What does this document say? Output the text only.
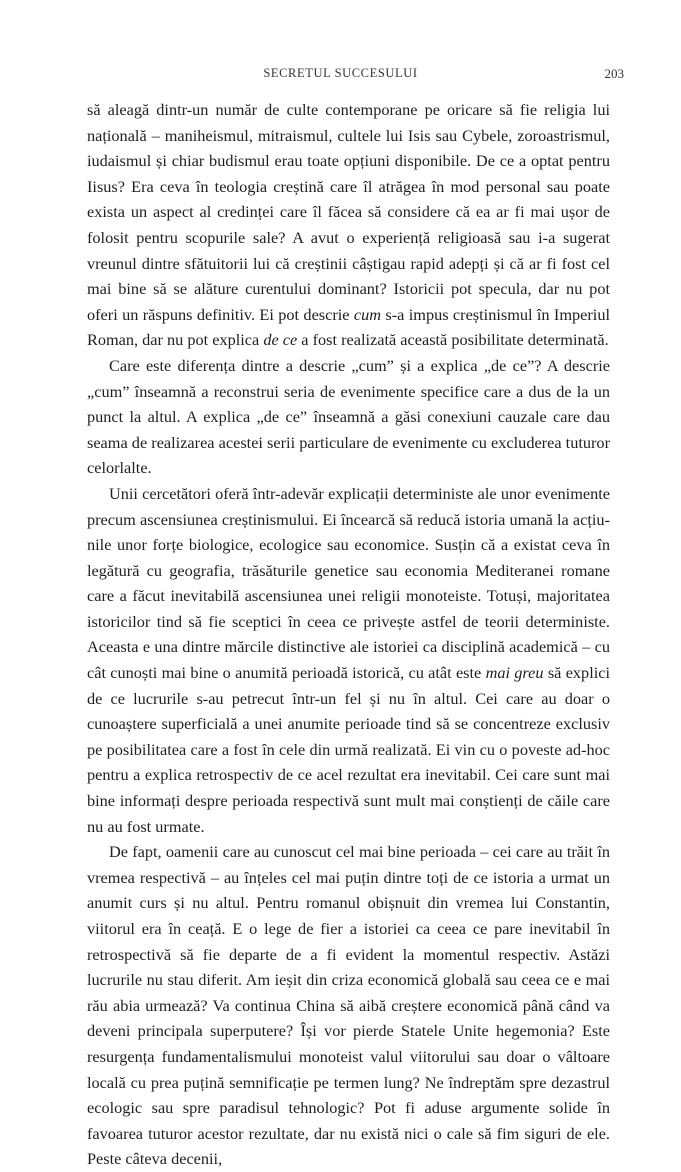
SECRETUL SUCCESULUI	203

să aleagă dintr-un număr de culte contemporane pe oricare să fie religia lui națională – maniheismul, mitraismul, cultele lui Isis sau Cybele, zoroastrismul, iudaismul și chiar budismul erau toate opțiuni disponibile. De ce a optat pentru Iisus? Era ceva în teologia creștină care îl atrăgea în mod personal sau poate exista un aspect al credinței care îl făcea să considere că ea ar fi mai ușor de folosit pentru scopurile sale? A avut o experiență religioasă sau i-a sugerat vreunul dintre sfătuitorii lui că creștinii câștigau rapid adepți și că ar fi fost cel mai bine să se alăture curentului dominant? Istoricii pot specula, dar nu pot oferi un răspuns definitiv. Ei pot descrie cum s-a impus creștinismul în Imperiul Roman, dar nu pot explica de ce a fost realizată această posibilitate determinată.

Care este diferența dintre a descrie „cum” și a explica „de ce”? A descrie „cum” înseamnă a reconstrui seria de evenimente specifice care a dus de la un punct la altul. A explica „de ce” înseamnă a găsi conexiuni cauzale care dau seama de realizarea acestei serii particulare de evenimente cu excluderea tuturor celorlalte.

Unii cercetători oferă într-adevăr explicații deterministe ale unor evenimente precum ascensiunea creștinismului. Ei încearcă să reducă istoria umană la acțiunile unor forțe biologice, ecologice sau economice. Susțin că a existat ceva în legătură cu geografia, trăsăturile genetice sau economia Mediteranei romane care a făcut inevitabilă ascensiunea unei religii monoteiste. Totuși, majoritatea istoricilor tind să fie sceptici în ceea ce privește astfel de teorii deterministe. Aceasta e una dintre mărcile distinctive ale istoriei ca disciplină academică – cu cât cunoști mai bine o anumită perioadă istorică, cu atât este mai greu să explici de ce lucrurile s-au petrecut într-un fel și nu în altul. Cei care au doar o cunoaștere superficială a unei anumite perioade tind să se concentreze exclusiv pe posibilitatea care a fost în cele din urmă realizată. Ei vin cu o poveste ad-hoc pentru a explica retrospectiv de ce acel rezultat era inevitabil. Cei care sunt mai bine informați despre perioada respectivă sunt mult mai conștienți de căile care nu au fost urmate.

De fapt, oamenii care au cunoscut cel mai bine perioada – cei care au trăit în vremea respectivă – au înțeles cel mai puțin dintre toți de ce istoria a urmat un anumit curs și nu altul. Pentru romanul obișnuit din vremea lui Constantin, viitorul era în ceață. E o lege de fier a istoriei ca ceea ce pare inevitabil în retrospectivă să fie departe de a fi evident la momentul respectiv. Astăzi lucrurile nu stau diferit. Am ieșit din criza economică globală sau ceea ce e mai rău abia urmează? Va continua China să aibă creștere economică până când va deveni principala superputere? Își vor pierde Statele Unite hegemonia? Este resurgența fundamentalismului monoteist valul viitorului sau doar o vâltoare locală cu prea puțină semnificație pe termen lung? Ne îndreptăm spre dezastrul ecologic sau spre paradisul tehnologic? Pot fi aduse argumente solide în favoarea tuturor acestor rezultate, dar nu există nici o cale să fim siguri de ele. Peste câteva decenii,
